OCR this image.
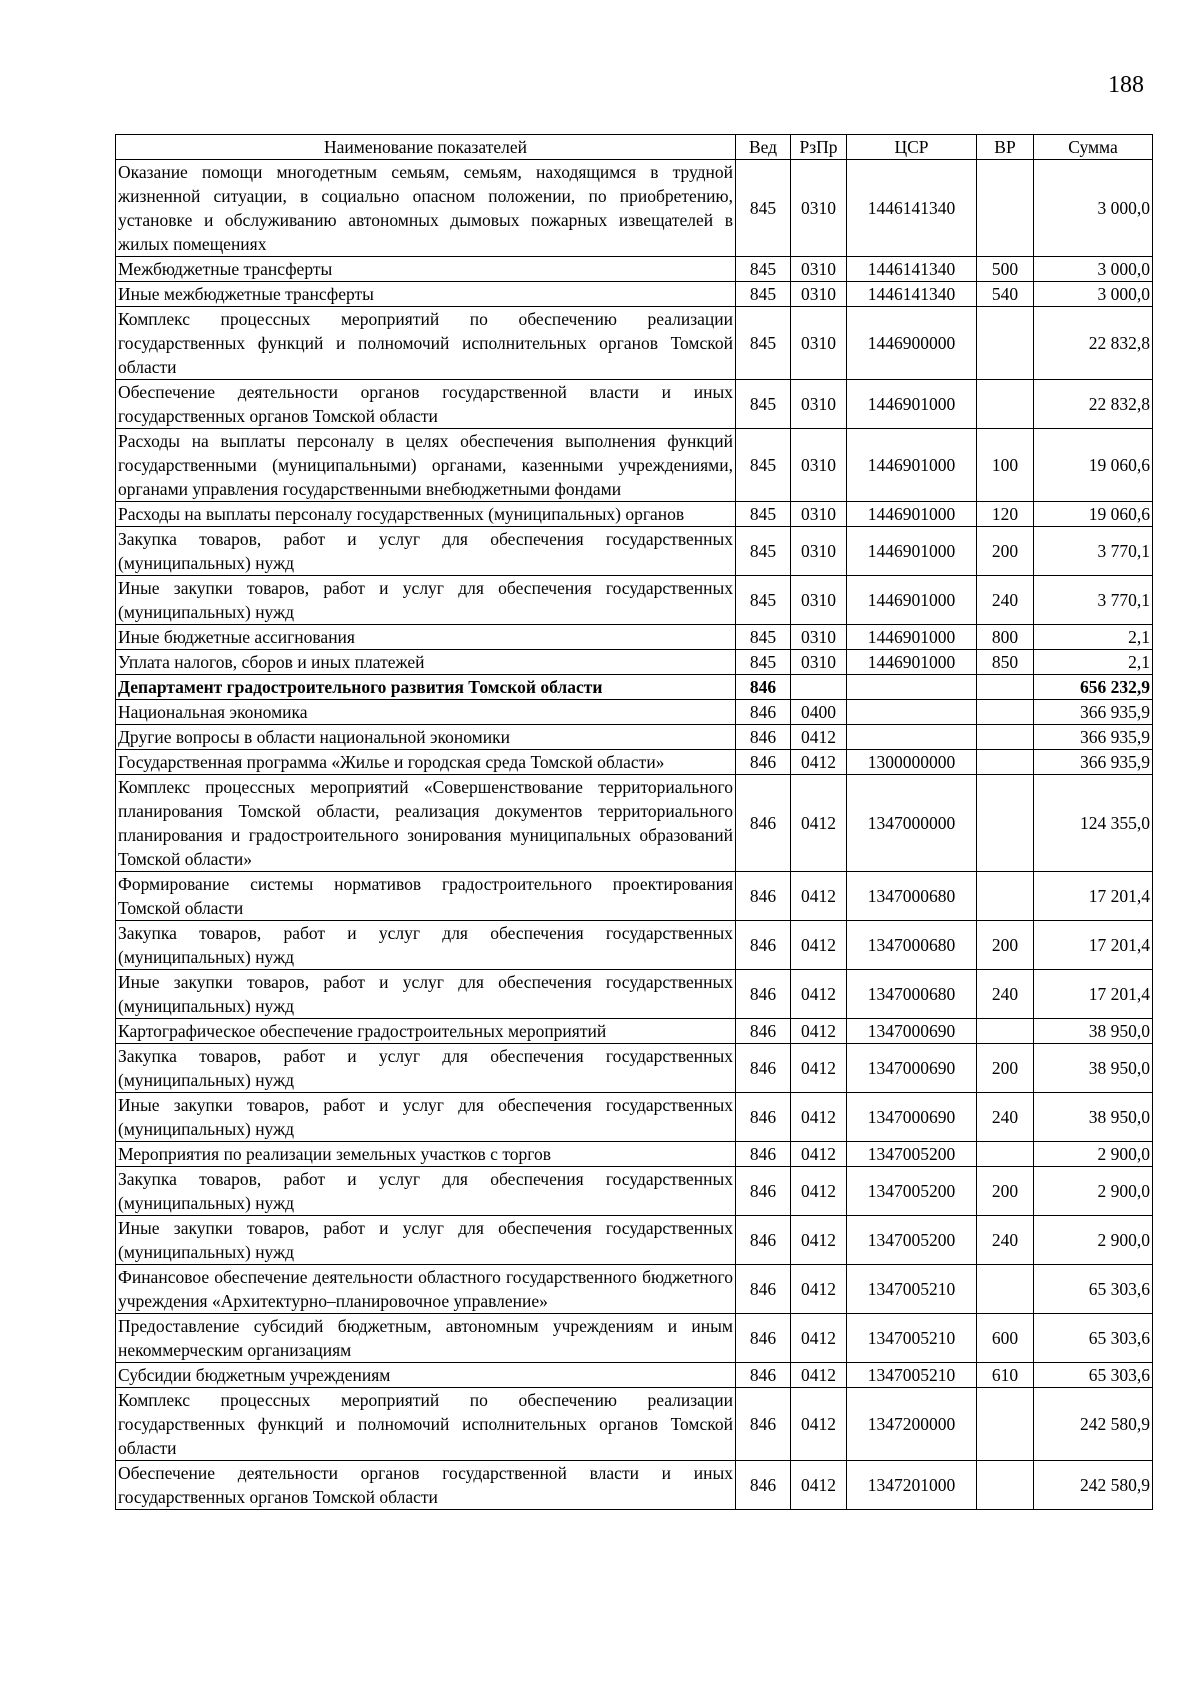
188
Наименование показателей	Вед	РзПр	ЦСР	ВР	Сумма
Оказание помощи многодетным семьям, семьям, находящимся в трудной жизненной ситуации, в социально опасном положении, по приобретению, установке и обслуживанию автономных дымовых пожарных извещателей в жилых помещениях	845	0310	1446141340		3 000,0
Межбюджетные трансферты	845	0310	1446141340	500	3 000,0
Иные межбюджетные трансферты	845	0310	1446141340	540	3 000,0
Комплекс процессных мероприятий по обеспечению реализации государственных функций и полномочий исполнительных органов Томской области	845	0310	1446900000		22 832,8
Обеспечение деятельности органов государственной власти и иных государственных органов Томской области	845	0310	1446901000		22 832,8
Расходы на выплаты персоналу в целях обеспечения выполнения функций государственными (муниципальными) органами, казенными учреждениями, органами управления государственными внебюджетными фондами	845	0310	1446901000	100	19 060,6
Расходы на выплаты персоналу государственных (муниципальных) органов	845	0310	1446901000	120	19 060,6
Закупка товаров, работ и услуг для обеспечения государственных (муниципальных) нужд	845	0310	1446901000	200	3 770,1
Иные закупки товаров, работ и услуг для обеспечения государственных (муниципальных) нужд	845	0310	1446901000	240	3 770,1
Иные бюджетные ассигнования	845	0310	1446901000	800	2,1
Уплата налогов, сборов и иных платежей	845	0310	1446901000	850	2,1
Департамент градостроительного развития Томской области	846				656 232,9
Национальная экономика	846	0400			366 935,9
Другие вопросы в области национальной экономики	846	0412			366 935,9
Государственная программа «Жилье и городская среда Томской области»	846	0412	1300000000		366 935,9
Комплекс процессных мероприятий «Совершенствование территориального планирования Томской области, реализация документов территориального планирования и градостроительного зонирования муниципальных образований Томской области»	846	0412	1347000000		124 355,0
Формирование системы нормативов градостроительного проектирования Томской области	846	0412	1347000680		17 201,4
Закупка товаров, работ и услуг для обеспечения государственных (муниципальных) нужд	846	0412	1347000680	200	17 201,4
Иные закупки товаров, работ и услуг для обеспечения государственных (муниципальных) нужд	846	0412	1347000680	240	17 201,4
Картографическое обеспечение градостроительных мероприятий	846	0412	1347000690		38 950,0
Закупка товаров, работ и услуг для обеспечения государственных (муниципальных) нужд	846	0412	1347000690	200	38 950,0
Иные закупки товаров, работ и услуг для обеспечения государственных (муниципальных) нужд	846	0412	1347000690	240	38 950,0
Мероприятия по реализации земельных участков с торгов	846	0412	1347005200		2 900,0
Закупка товаров, работ и услуг для обеспечения государственных (муниципальных) нужд	846	0412	1347005200	200	2 900,0
Иные закупки товаров, работ и услуг для обеспечения государственных (муниципальных) нужд	846	0412	1347005200	240	2 900,0
Финансовое обеспечение деятельности областного государственного бюджетного учреждения «Архитектурно–планировочное управление»	846	0412	1347005210		65 303,6
Предоставление субсидий бюджетным, автономным учреждениям и иным некоммерческим организациям	846	0412	1347005210	600	65 303,6
Субсидии бюджетным учреждениям	846	0412	1347005210	610	65 303,6
Комплекс процессных мероприятий по обеспечению реализации государственных функций и полномочий исполнительных органов Томской области	846	0412	1347200000		242 580,9
Обеспечение деятельности органов государственной власти и иных государственных органов Томской области	846	0412	1347201000		242 580,9
